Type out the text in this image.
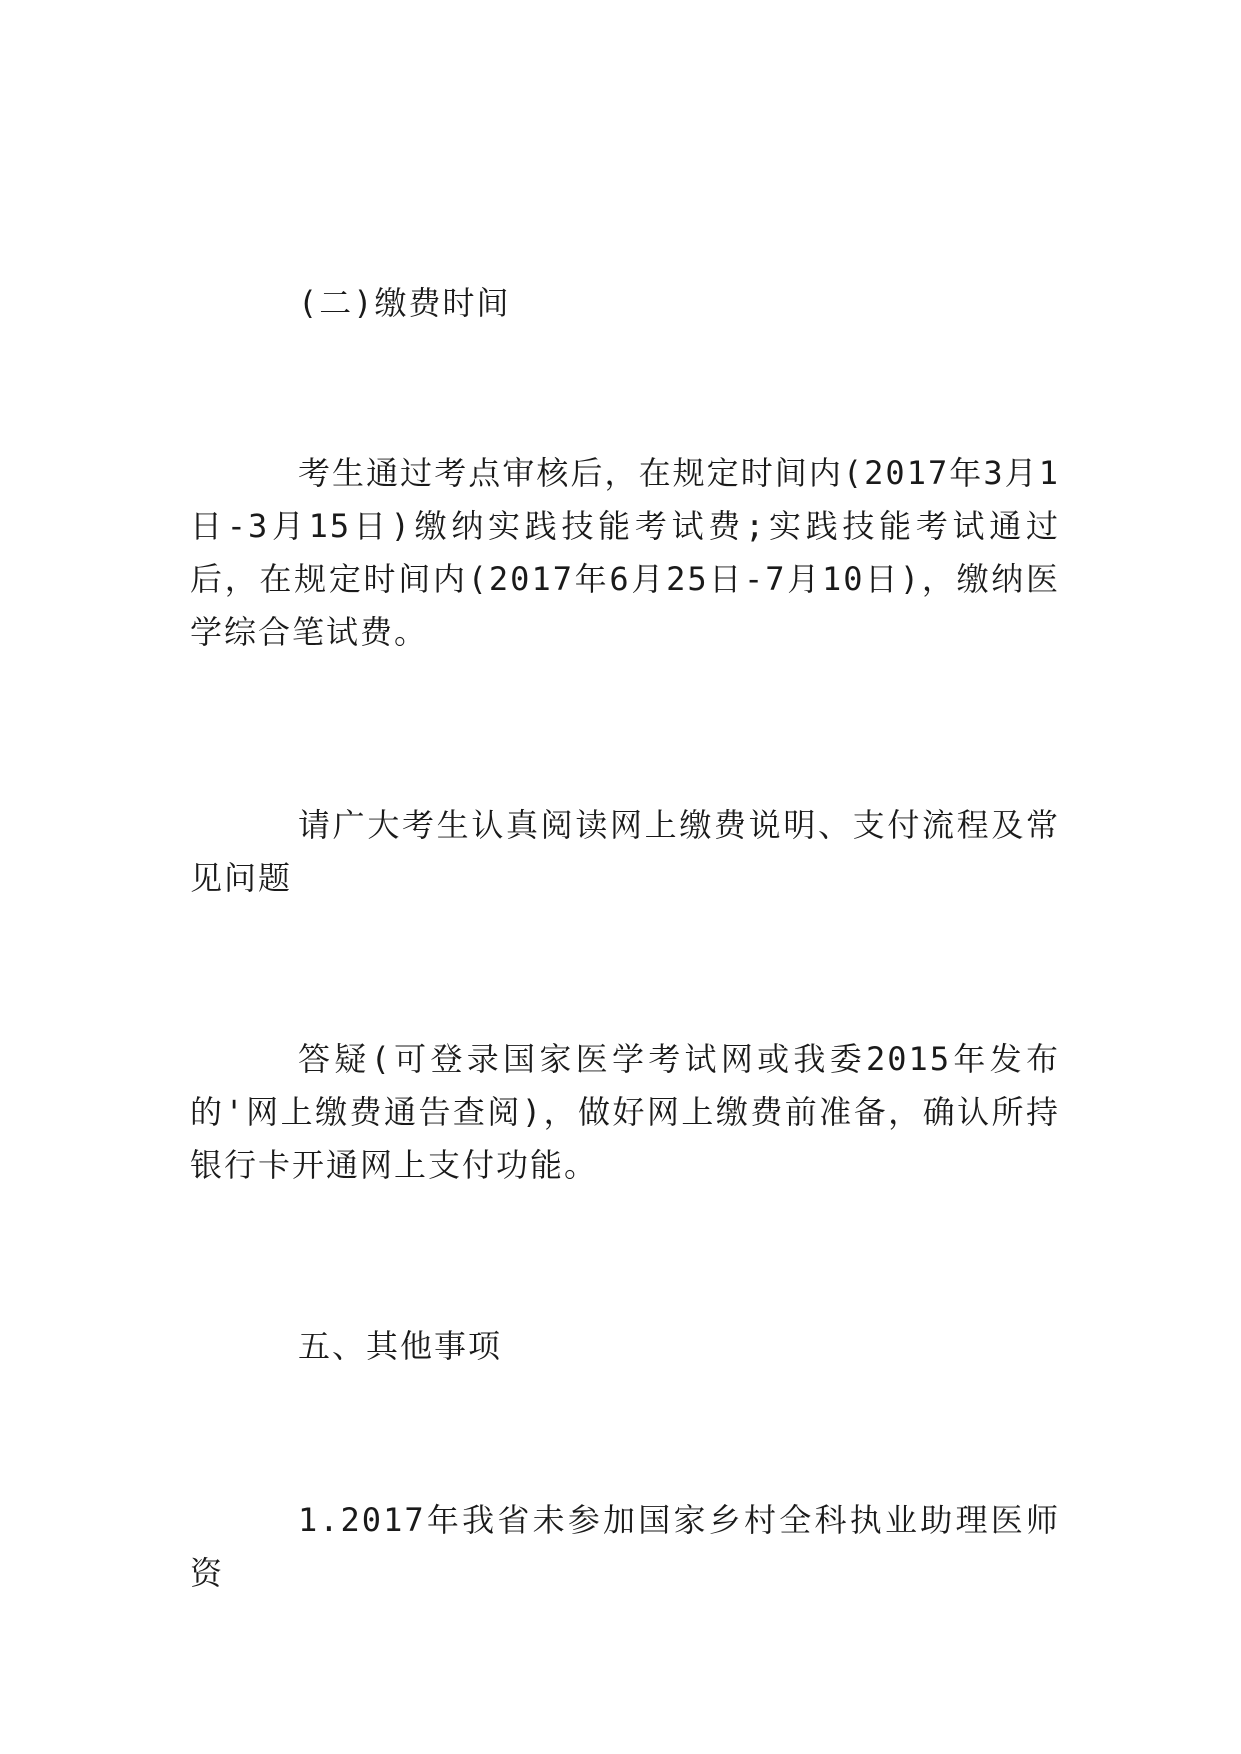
(二)缴费时间

考生通过考点审核后，在规定时间内(2017年3月1日-3月15日)缴纳实践技能考试费;实践技能考试通过后，在规定时间内(2017年6月25日-7月10日)，缴纳医学综合笔试费。

请广大考生认真阅读网上缴费说明、支付流程及常见问题

答疑(可登录国家医学考试网或我委2015年发布的'网上缴费通告查阅)，做好网上缴费前准备，确认所持银行卡开通网上支付功能。

五、其他事项

1.2017年我省未参加国家乡村全科执业助理医师资
